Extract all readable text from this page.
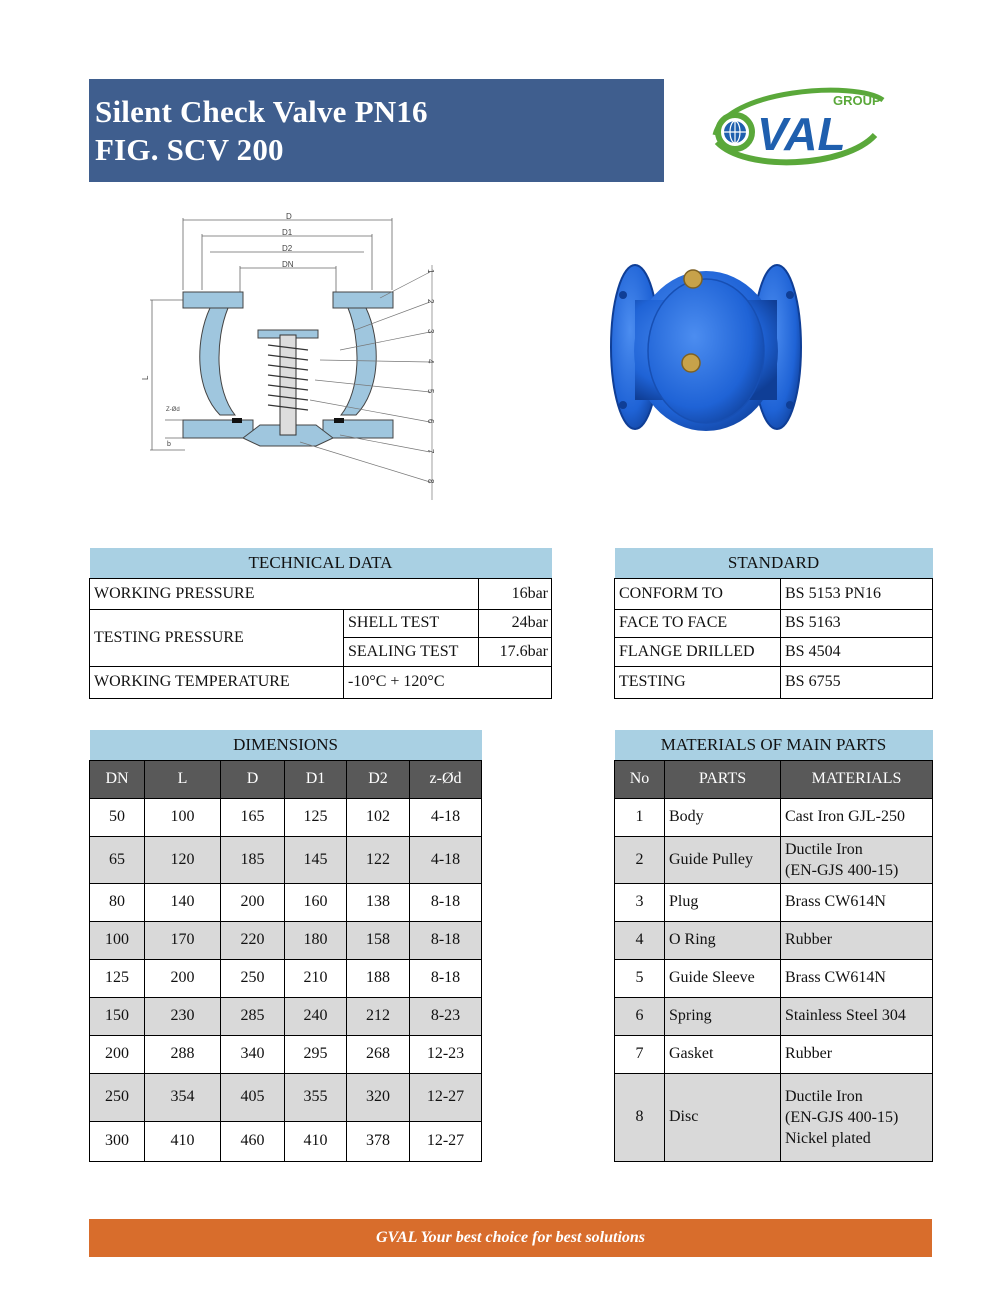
Silent Check Valve PN16
FIG. SCV 200
GROUP
VAL
D
D1
D2
DN
Z-Ød
b
1
2
3
4
5
6
7
8
L
TECHNICAL DATA		
WORKING PRESSURE		16bar
TESTING PRESSURE	SHELL TEST	24bar
	SEALING TEST	17.6bar
WORKING TEMPERATURE	-10°C + 120°C	
STANDARD	
CONFORM TO	BS 5153 PN16
FACE TO FACE	BS 5163
FLANGE DRILLED	BS 4504
TESTING	BS 6755
DIMENSIONS					
DN	L	D	D1	D2	z-Ød
50	100	165	125	102	4-18
65	120	185	145	122	4-18
80	140	200	160	138	8-18
100	170	220	180	158	8-18
125	200	250	210	188	8-18
150	230	285	240	212	8-23
200	288	340	295	268	12-23
250	354	405	355	320	12-27
300	410	460	410	378	12-27
MATERIALS OF MAIN PARTS		
No	PARTS	MATERIALS
1	Body	Cast Iron GJL-250
2	Guide Pulley	Ductile Iron
(EN-GJS 400-15)

3	Plug	Brass CW614N
4	O Ring	Rubber
5	Guide Sleeve	Brass CW614N
6	Spring	Stainless Steel 304
7	Gasket	Rubber
8	Disc	Ductile Iron
(EN-GJS 400-15)
Nickel plated
GVAL Your best choice for best solutions
